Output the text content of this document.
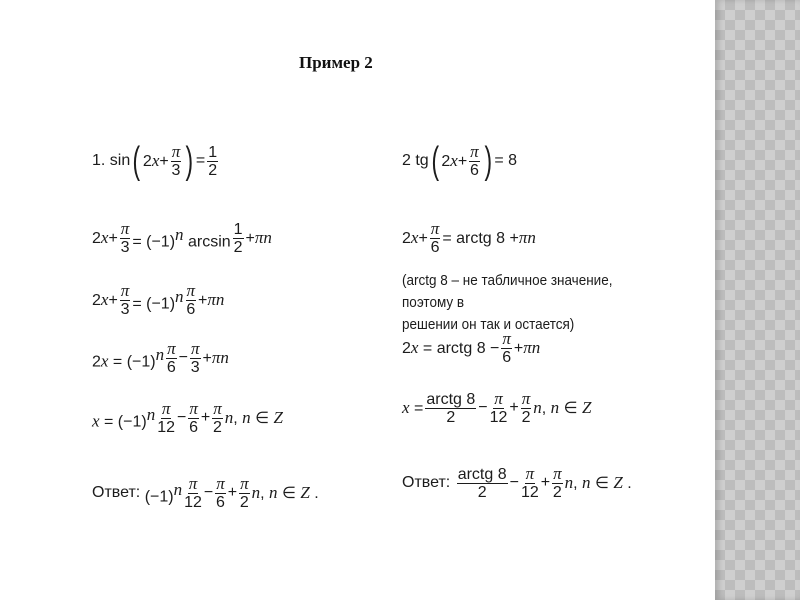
Пример 2
1.
sin ( $2x+ \frac{\pi}{3}$ ) = $\frac{1}{2}$
$2x+ \frac{\pi}{3} = (-1)^n$ $\arcsin \frac{1}{2} +\pi n$
$2x+ \frac{\pi}{3} = (-1)^n \frac{\pi}{6} +\pi n$
$2x = (-1)^n \frac{\pi}{6} - \frac{\pi}{3} +\pi n$
$x = (-1)^n \frac{\pi}{12} - \frac{\pi}{6} + \frac{\pi}{2} n$, n ∈ Z
Ответ:
$(-1)^n \frac{\pi}{12} - \frac{\pi}{6} + \frac{\pi}{2} n$, n ∈ Z .
2
tg ( $2x+ \frac{\pi}{6}$ ) = 8
$2x+ \frac{\pi}{6}$ = arctg 8 +πn
(arctg 8 – не табличное значение, поэтому в
решении он так и остается)
2x = arctg $8 - \frac{\pi}{6} +\pi n$
$x = \frac{\text{arctg 8}}{2} - \frac{\pi}{12} + \frac{\pi}{2} n$, n ∈ Z
Ответ:
$\frac{\text{arctg 8}}{2} - \frac{\pi}{12} + \frac{\pi}{2} n$, n ∈ Z .
